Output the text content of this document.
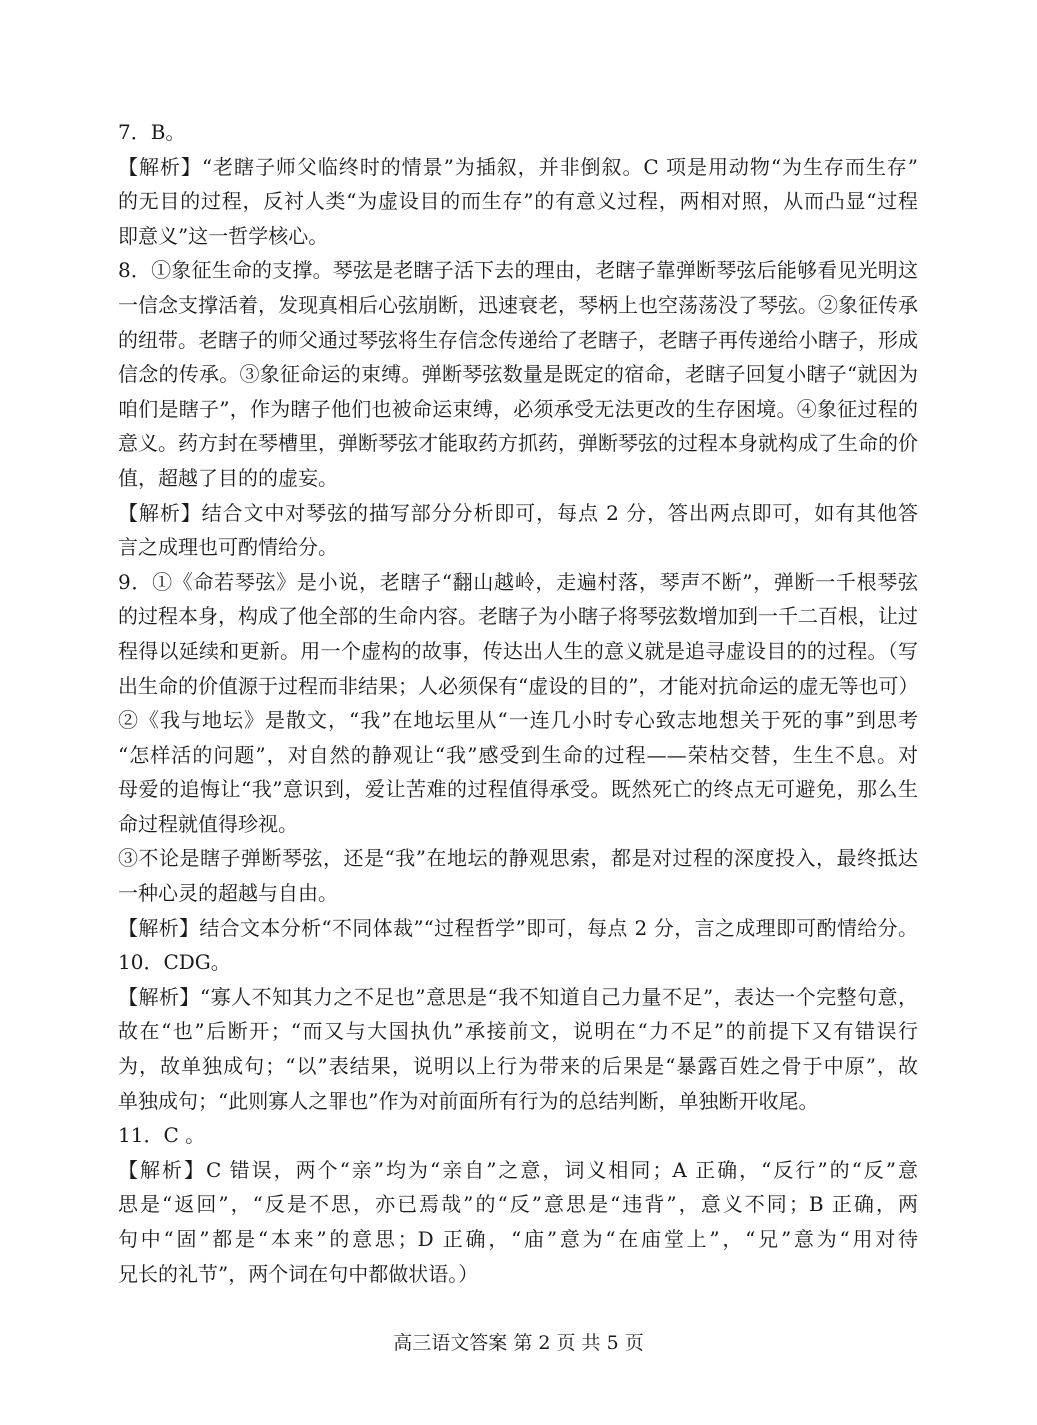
7．B。
【解析】“老瞎子师父临终时的情景”为插叙，并非倒叙。C 项是用动物“为生存而生存”
的无目的过程，反衬人类“为虚设目的而生存”的有意义过程，两相对照，从而凸显“过程
即意义”这一哲学核心。
8．①象征生命的支撑。琴弦是老瞎子活下去的理由，老瞎子靠弹断琴弦后能够看见光明这
一信念支撑活着，发现真相后心弦崩断，迅速衰老，琴柄上也空荡荡没了琴弦。②象征传承
的纽带。老瞎子的师父通过琴弦将生存信念传递给了老瞎子，老瞎子再传递给小瞎子，形成
信念的传承。③象征命运的束缚。弹断琴弦数量是既定的宿命，老瞎子回复小瞎子“就因为
咱们是瞎子”，作为瞎子他们也被命运束缚，必须承受无法更改的生存困境。④象征过程的
意义。药方封在琴槽里，弹断琴弦才能取药方抓药，弹断琴弦的过程本身就构成了生命的价
值，超越了目的的虚妄。
【解析】结合文中对琴弦的描写部分分析即可，每点 2 分，答出两点即可，如有其他答
言之成理也可酌情给分。
9．①《命若琴弦》是小说，老瞎子“翻山越岭，走遍村落，琴声不断”，弹断一千根琴弦
的过程本身，构成了他全部的生命内容。老瞎子为小瞎子将琴弦数增加到一千二百根，让过
程得以延续和更新。用一个虚构的故事，传达出人生的意义就是追寻虚设目的的过程。（写
出生命的价值源于过程而非结果；人必须保有“虚设的目的”，才能对抗命运的虚无等也可）
②《我与地坛》是散文，“我”在地坛里从“一连几小时专心致志地想关于死的事”到思考
“怎样活的问题”，对自然的静观让“我”感受到生命的过程——荣枯交替，生生不息。对
母爱的追悔让“我”意识到，爱让苦难的过程值得承受。既然死亡的终点无可避免，那么生
命过程就值得珍视。
③不论是瞎子弹断琴弦，还是“我”在地坛的静观思索，都是对过程的深度投入，最终抵达
一种心灵的超越与自由。
【解析】结合文本分析“不同体裁”“过程哲学”即可，每点 2 分，言之成理即可酌情给分。
10．CDG。
【解析】“寡人不知其力之不足也”意思是“我不知道自己力量不足”，表达一个完整句意，
故在“也”后断开；“而又与大国执仇”承接前文，说明在“力不足”的前提下又有错误行
为，故单独成句；“以”表结果，说明以上行为带来的后果是“暴露百姓之骨于中原”，故
单独成句；“此则寡人之罪也”作为对前面所有行为的总结判断，单独断开收尾。
11．C 。
【解析】C 错误，两个“亲”均为“亲自”之意，词义相同；A 正确，“反行”的“反”意
思是“返回”，“反是不思，亦已焉哉”的“反”意思是“违背”，意义不同；B 正确，两
句中“固”都是“本来”的意思；D 正确，“庙”意为“在庙堂上”，“兄”意为“用对待
兄长的礼节”，两个词在句中都做状语。）
高三语文答案 第 2 页 共 5 页
